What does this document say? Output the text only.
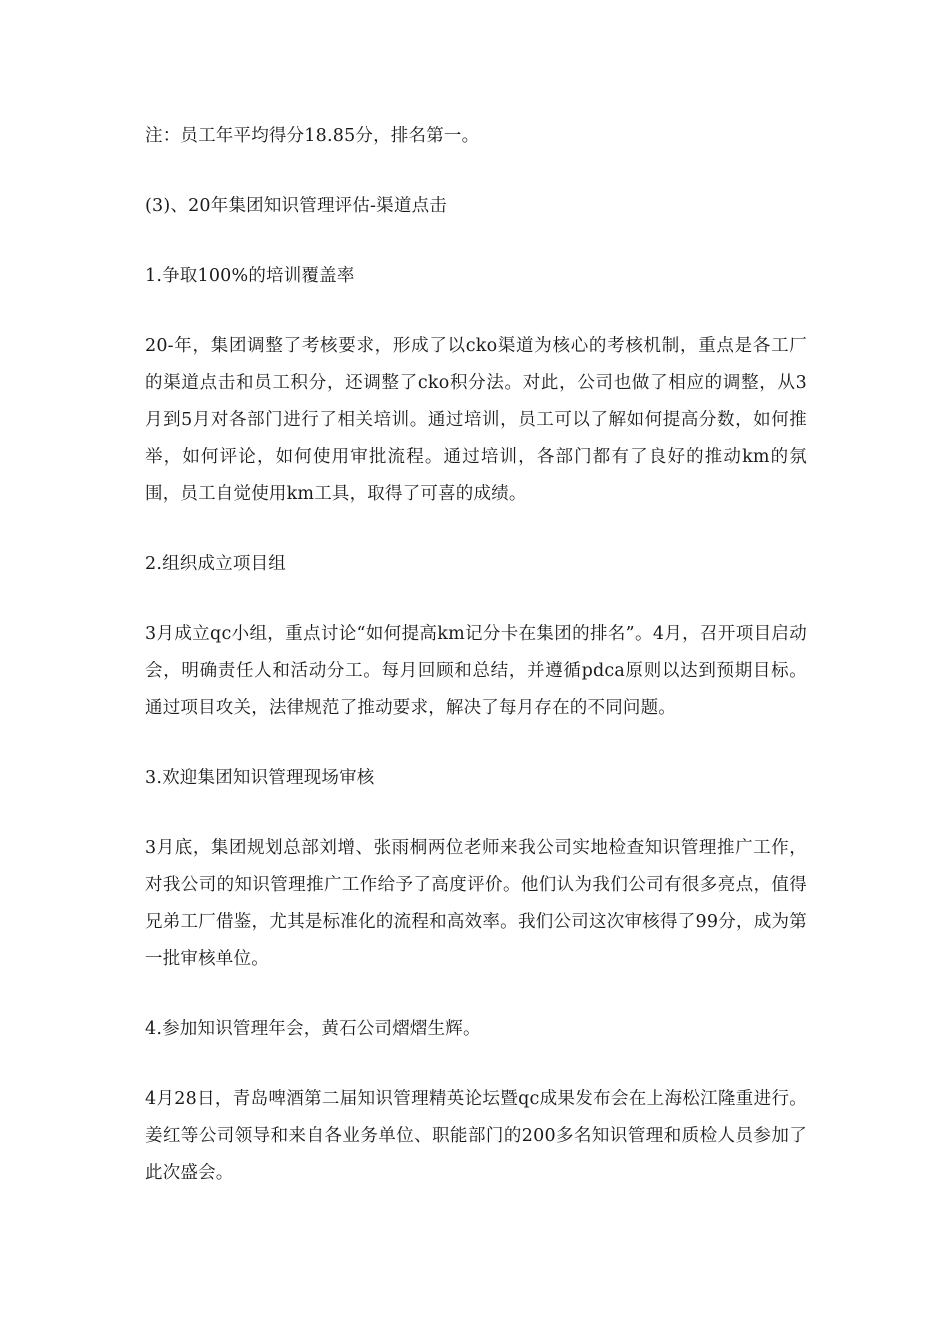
注：员工年平均得分18.85分，排名第一。

(3)、20年集团知识管理评估-渠道点击

1.争取100%的培训覆盖率

20-年，集团调整了考核要求，形成了以cko渠道为核心的考核机制，重点是各工厂的渠道点击和员工积分，还调整了cko积分法。对此，公司也做了相应的调整，从3月到5月对各部门进行了相关培训。通过培训，员工可以了解如何提高分数，如何推举，如何评论，如何使用审批流程。通过培训，各部门都有了良好的推动km的氛围，员工自觉使用km工具，取得了可喜的成绩。

2.组织成立项目组

3月成立qc小组，重点讨论“如何提高km记分卡在集团的排名”。4月，召开项目启动会，明确责任人和活动分工。每月回顾和总结，并遵循pdca原则以达到预期目标。通过项目攻关，法律规范了推动要求，解决了每月存在的不同问题。

3.欢迎集团知识管理现场审核

3月底，集团规划总部刘增、张雨桐两位老师来我公司实地检查知识管理推广工作，对我公司的知识管理推广工作给予了高度评价。他们认为我们公司有很多亮点，值得兄弟工厂借鉴，尤其是标准化的流程和高效率。我们公司这次审核得了99分，成为第一批审核单位。

4.参加知识管理年会，黄石公司熠熠生辉。

4月28日，青岛啤酒第二届知识管理精英论坛暨qc成果发布会在上海松江隆重进行。姜红等公司领导和来自各业务单位、职能部门的200多名知识管理和质检人员参加了此次盛会。
